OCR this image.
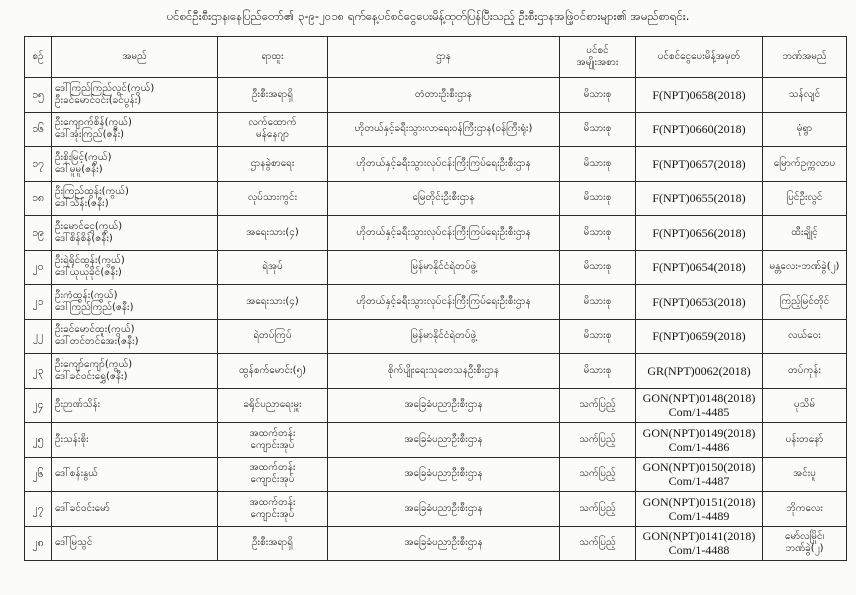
ပင်စင်ဦးစီးဌာန၊နေပြည်တော်၏ ၃-၉-၂၀၁၈ ရက်နေ့ပင်စင်ငွေပေးမိန့်ထုတ်ပြန်ပြီးသည့် ဦးစီးဌာနအဖြဲ့ဝင်စားများ၏ အမည်စာရင်း.
စဉ်	အမည်	ရာထူး	ဌာန	ပင်စင်
အမျိုးအစား	ပင်စင်ငွေပေးမိန့်အမှတ်	ဘဏ်အမည်
၁၅	ဒေါ်ကြည်ကြည်လွင်(ကွယ်)
ဦးခင်မောင်ဝင်း(ခင်ပွန်း)	ဦးစီးအရာရှိ	တံတားဦးစီးဌာန	မိသားစု	F(NPT)0658(2018)	သန်လျင်
၁၆	ဦးကျောက်စိန်(ကွယ်)
ဒေါ်အုံးကြည်(ဇနီး)	လက်ထောက်
မန်နေဂျာ	ဟိုတယ်နှင့်ခရီးသွားလာရေးဝန်ကြီးဌာန(ဝန်ကြီးရုံး)	မိသားစု	F(NPT)0660(2018)	မုံရွာ
၁၇	ဦးစိုးမြင့်(ကွယ်)
ဒေါ်မူမူ(ဇနီး)	ဌာနခွဲစာရေး	ဟိုတယ်နှင့်ခရီးသွားလုပ်ငန်းကြီးကြပ်ရေးဦးစီးဌာန	မိသားစု	F(NPT)0657(2018)	မြောက်ဥက္ကလာပ
၁၈	ဦးကြည်ထွန်း(ကွယ်)
ဒေါ်သိန်း(ဇနီး)	လုပ်သားကွင်း	မြေတိုင်းဦးစီးဌာန	မိသားစု	F(NPT)0655(2018)	ပြင်ဦးလွင်
၁၉	ဦးမောင်ငွေ(ကွယ်)
ဒေါ်စိန်စိန်(ဇနီး)	အရေးသား(၄)	ဟိုတယ်နှင့်ခရီးသွားလုပ်ငန်းကြီးကြပ်ရေးဦးစီးဌာန	မိသားစု	F(NPT)0656(2018)	ထီးချိုင့်
၂၀	ဦးရဲရိုင်ထွန်း(ကွယ်)
ဒေါ်ယုယုခိုင်(ဇနီး)	ရဲအုပ်	မြန်မာနိုင်ငံရဲတပ်ဖွဲ့	မိသားစု	F(NPT)0654(2018)	မန္တလေး-ဘဏ်ခွဲ(၂)
၂၁	ဦးကံထွန်း(ကွယ်)
ဒေါ်ကြည်ကြည်(ဇနီး)	အရေးသား(၄)	ဟိုတယ်နှင့်ခရီးသွားလုပ်ငန်းကြီးကြပ်ရေးဦးစီးဌာန	မိသားစု	F(NPT)0653(2018)	ကြည့်မြင်တိုင်
၂၂	ဦးခင်မောင်ထူး(ကွယ်)
ဒေါ်တင်တင်အေး(ဇနီး)	ရဲတပ်ကြပ်	မြန်မာနိုင်ငံရဲတပ်ဖွဲ့	မိသားစု	F(NPT)0659(2018)	လယ်ဝေး
၂၃	ဦးကျော်ကျော်(ကွယ်)
ဒေါ်ခင်ဝင်းရွှေ(ဇနီး)	ထွန်စက်မောင်း(၅)	စိုက်ပျိုးရေးသုတေသနဦးစီးဌာန	မိသားစု	GR(NPT)0062(2018)	တပ်ကုန်း
၂၄	ဦးဉာဏ်သိန်း	ခရိုင်ပညာရေးမှူး	အခြေခံပညာဦးစီးဌာန	သက်ပြည့်	GON(NPT)0148(2018)
Com/1-4485	ပုသိမ်
၂၅	ဦးသန်းစိုး	အထက်တန်း
ကျောင်းအုပ်	အခြေခံပညာဦးစီးဌာန	သက်ပြည့်	GON(NPT)0149(2018)
Com/1-4486	ပန်းတနော်
၂၆	ဒေါ်စန်းနွယ်	အထက်တန်း
ကျောင်းအုပ်	အခြေခံပညာဦးစီးဌာန	သက်ပြည့်	GON(NPT)0150(2018)
Com/1-4487	အင်းပူ
၂၇	ဒေါ်ခင်ဝင်းမော်	အထက်တန်း
ကျောင်းအုပ်	အခြေခံပညာဦးစီးဌာန	သက်ပြည့်	GON(NPT)0151(2018)
Com/1-4489	ဘိုကလေး
၂၈	ဒေါ်မြသွင်	ဦးစီးအရာရှိ	အခြေခံပညာဦးစီးဌာန	သက်ပြည့်	GON(NPT)0141(2018)
Com/1-4488	မော်လမြိုင်၊
ဘဏ်ခွဲ(၂)
